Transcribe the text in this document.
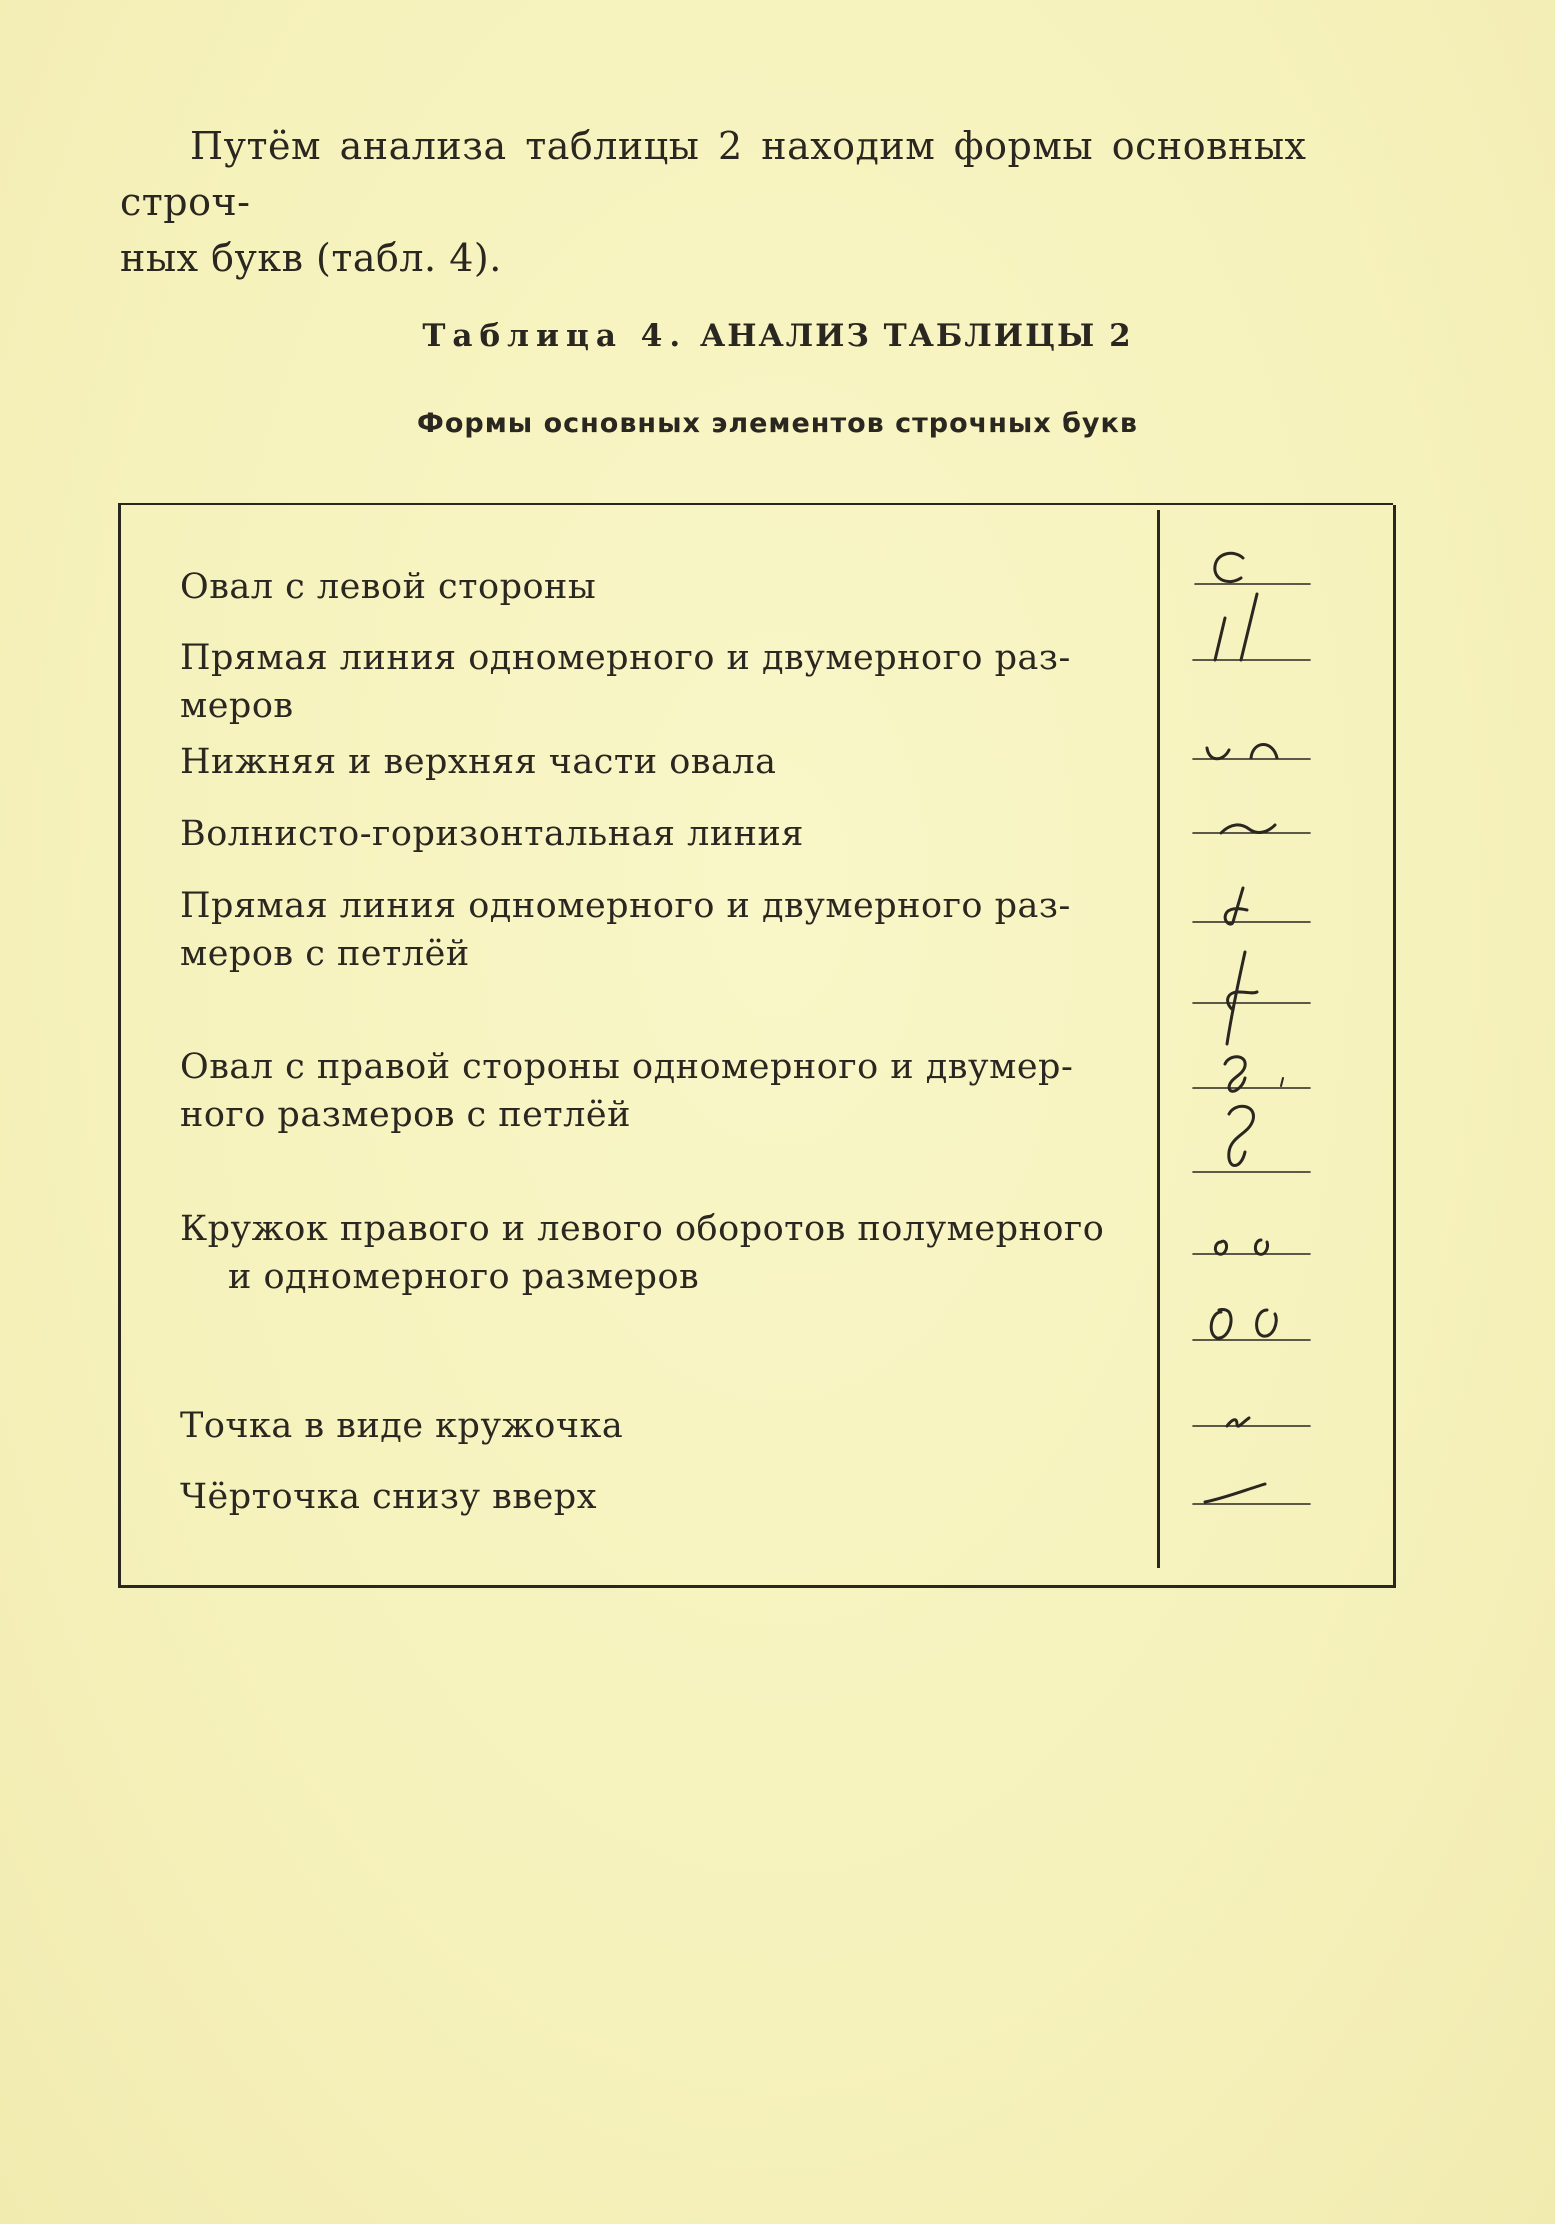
Путём анализа таблицы 2 находим формы основных строч-

ных букв (табл. 4).

Таблица 4. АНАЛИЗ ТАБЛИЦЫ 2
Формы основных элементов строчных букв
Овал с левой стороны
Прямая линия одномерного и двумерного раз-
меров
Нижняя и верхняя части овала
Волнисто-горизонтальная линия
Прямая линия одномерного и двумерного раз-
меров с петлёй
Овал с правой стороны одномерного и двумер-
ного размеров с петлёй
Кружок правого и левого оборотов полумерного
и одномерного размеров
Точка в виде кружочка
Чёрточка снизу вверх
